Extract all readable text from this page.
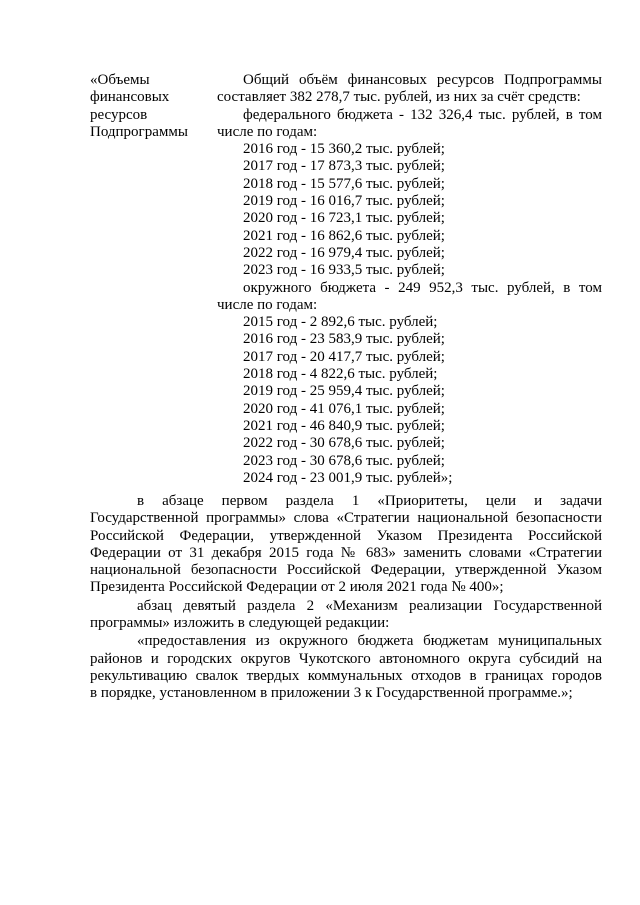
«Объемы
финансовых
ресурсов
Подпрограммы
Общий объём финансовых ресурсов Подпрограммы
составляет 382 278,7 тыс. рублей, из них за счёт средств:
федерального бюджета - 132 326,4 тыс. рублей, в том
числе по годам:
2016 год - 15 360,2 тыс. рублей;
2017 год - 17 873,3 тыс. рублей;
2018 год - 15 577,6 тыс. рублей;
2019 год - 16 016,7 тыс. рублей;
2020 год - 16 723,1 тыс. рублей;
2021 год - 16 862,6 тыс. рублей;
2022 год - 16 979,4 тыс. рублей;
2023 год - 16 933,5 тыс. рублей;
окружного бюджета - 249 952,3 тыс. рублей, в том
числе по годам:
2015 год - 2 892,6 тыс. рублей;
2016 год - 23 583,9 тыс. рублей;
2017 год - 20 417,7 тыс. рублей;
2018 год - 4 822,6 тыс. рублей;
2019 год - 25 959,4 тыс. рублей;
2020 год - 41 076,1 тыс. рублей;
2021 год - 46 840,9 тыс. рублей;
2022 год - 30 678,6 тыс. рублей;
2023 год - 30 678,6 тыс. рублей;
2024 год - 23 001,9 тыс. рублей»;
в абзаце первом раздела 1 «Приоритеты, цели и задачи
Государственной программы» слова «Стратегии национальной безопасности
Российской Федерации, утвержденной Указом Президента Российской
Федерации от 31 декабря 2015 года № 683» заменить словами «Стратегии
национальной безопасности Российской Федерации, утвержденной Указом
Президента Российской Федерации от 2 июля 2021 года № 400»;
абзац девятый раздела 2 «Механизм реализации Государственной
программы» изложить в следующей редакции:
«предоставления из окружного бюджета бюджетам муниципальных
районов и городских округов Чукотского автономного округа субсидий на
рекультивацию свалок твердых коммунальных отходов в границах городов
в порядке, установленном в приложении 3 к Государственной программе.»;
